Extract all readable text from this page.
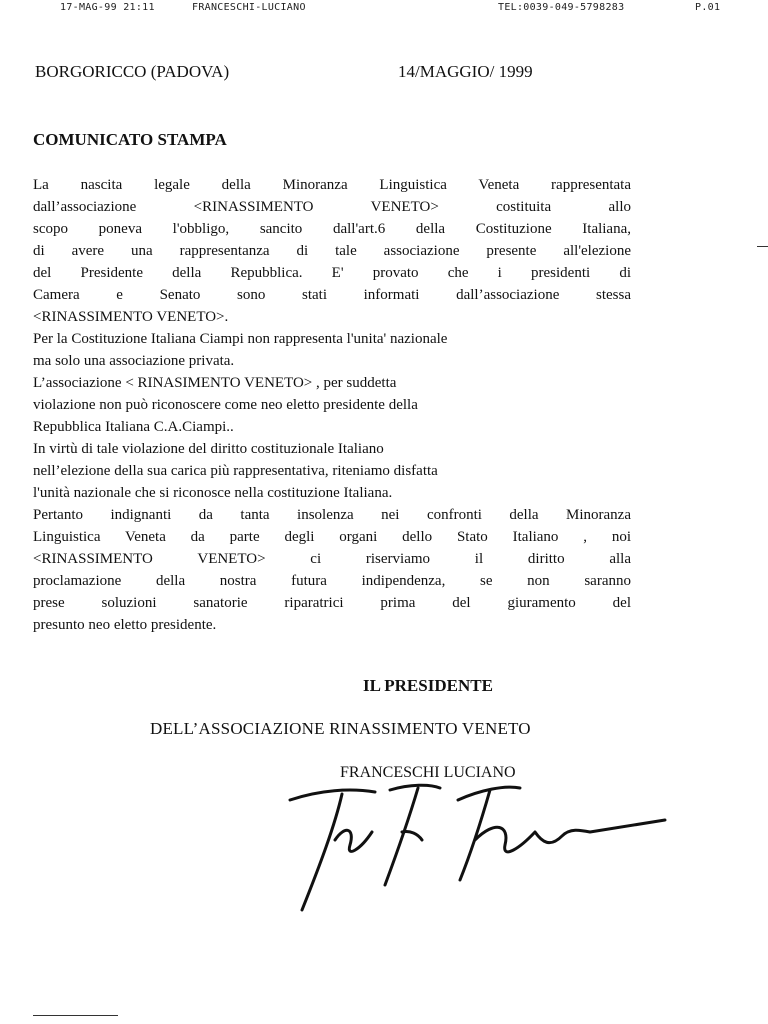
17-MAG-99 21:11	FRANCESCHI-LUCIANO	TEL:0039-049-5798283	P.01
BORGORICCO (PADOVA)	14/MAGGIO/ 1999
COMUNICATO STAMPA
La nascita legale della Minoranza Linguistica Veneta rappresentata
dall’associazione <RINASSIMENTO VENETO> costituita allo
scopo poneva l'obbligo, sancito dall'art.6 della Costituzione Italiana,
di avere una rappresentanza di tale associazione presente all'elezione
del Presidente della Repubblica. E' provato che i presidenti di
Camera e Senato sono stati informati dall’associazione stessa
<RINASSIMENTO VENETO>.
Per la Costituzione Italiana Ciampi non rappresenta l'unita' nazionale
ma solo una associazione privata.
L’associazione < RINASIMENTO VENETO> , per suddetta
violazione non può riconoscere come neo eletto presidente della
Repubblica Italiana C.A.Ciampi..
In virtù di tale violazione del diritto costituzionale Italiano
nell’elezione della sua carica più rappresentativa, riteniamo disfatta
l'unità nazionale che si riconosce nella costituzione Italiana.
Pertanto indignanti da tanta insolenza nei confronti della Minoranza
Linguistica Veneta da parte degli organi dello Stato Italiano , noi
<RINASSIMENTO VENETO> ci riserviamo il diritto alla
proclamazione della nostra futura indipendenza, se non saranno
prese soluzioni sanatorie riparatrici prima del giuramento del
presunto neo eletto presidente.
IL PRESIDENTE
DELL’ASSOCIAZIONE RINASSIMENTO VENETO
FRANCESCHI LUCIANO
